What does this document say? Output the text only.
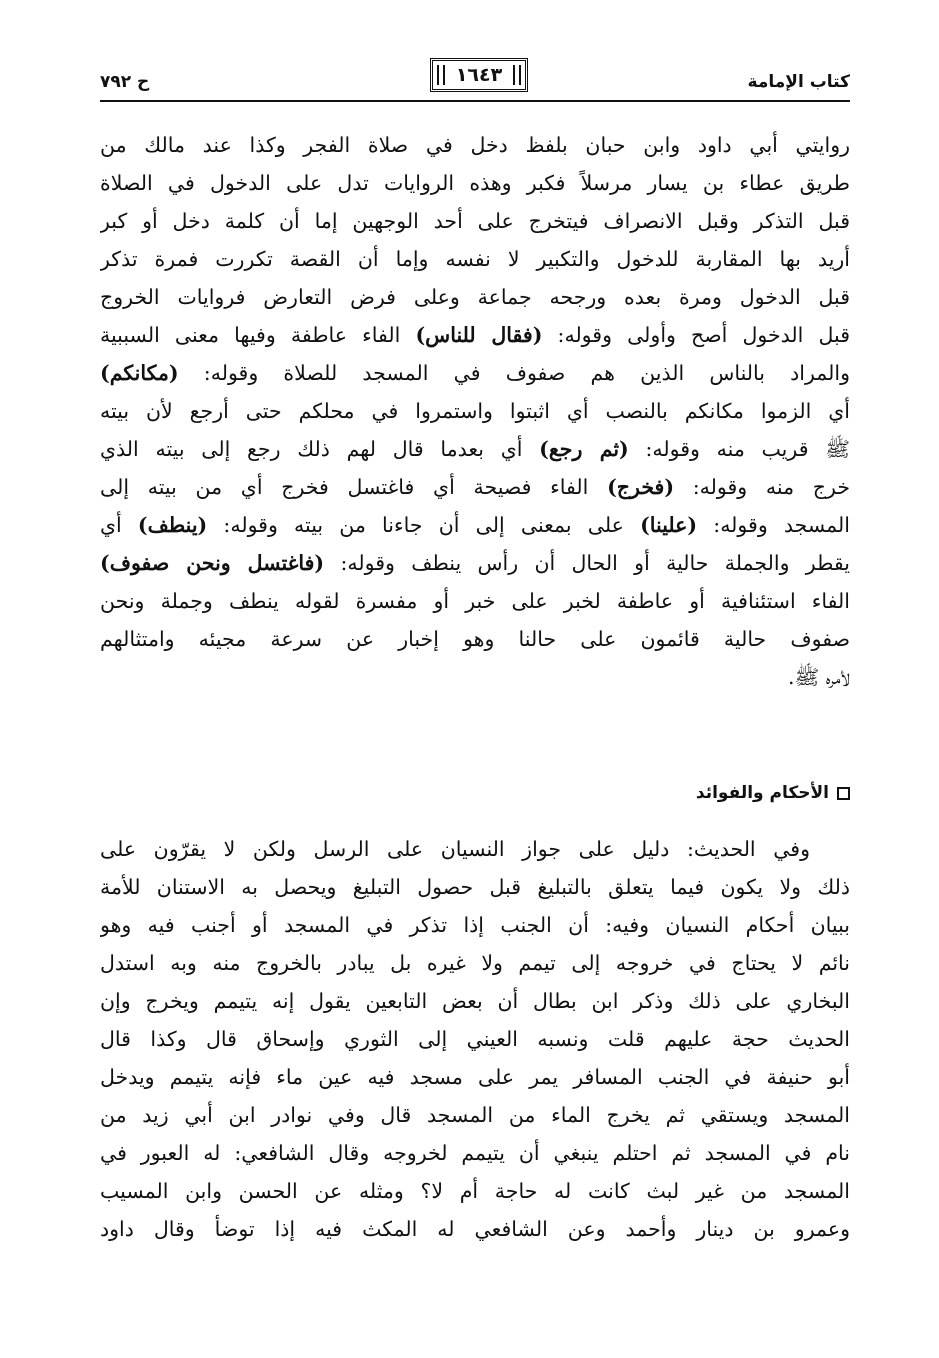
كتاب الإمامة
١٦٤٣
ح ٧٩٢
روايتي أبي داود وابن حبان بلفظ دخل في صلاة الفجر وكذا عند مالك من
طريق عطاء بن يسار مرسلاً فكبر وهذه الروايات تدل على الدخول في الصلاة
قبل التذكر وقبل الانصراف فيتخرج على أحد الوجهين إما أن كلمة دخل أو كبر
أريد بها المقاربة للدخول والتكبير لا نفسه وإما أن القصة تكررت فمرة تذكر
قبل الدخول ومرة بعده ورجحه جماعة وعلى فرض التعارض فروايات الخروج
قبل الدخول أصح وأولى وقوله: (فقال للناس) الفاء عاطفة وفيها معنى السببية
والمراد بالناس الذين هم صفوف في المسجد للصلاة وقوله: (مكانكم)
أي الزموا مكانكم بالنصب أي اثبتوا واستمروا في محلكم حتى أرجع لأن بيته
ﷺ قريب منه وقوله: (ثم رجع) أي بعدما قال لهم ذلك رجع إلى بيته الذي
خرج منه وقوله: (فخرج) الفاء فصيحة أي فاغتسل فخرج أي من بيته إلى
المسجد وقوله: (علينا) على بمعنى إلى أن جاءنا من بيته وقوله: (ينطف) أي
يقطر والجملة حالية أو الحال أن رأس ينطف وقوله: (فاغتسل ونحن صفوف)
الفاء استئنافية أو عاطفة لخبر على خبر أو مفسرة لقوله ينطف وجملة ونحن
صفوف حالية قائمون على حالنا وهو إخبار عن سرعة مجيئه وامتثالهم
لأمره ﷺ.
الأحكام والفوائد
وفي الحديث: دليل على جواز النسيان على الرسل ولكن لا يقرّون على
ذلك ولا يكون فيما يتعلق بالتبليغ قبل حصول التبليغ ويحصل به الاستنان للأمة
ببيان أحكام النسيان وفيه: أن الجنب إذا تذكر في المسجد أو أجنب فيه وهو
نائم لا يحتاج في خروجه إلى تيمم ولا غيره بل يبادر بالخروج منه وبه استدل
البخاري على ذلك وذكر ابن بطال أن بعض التابعين يقول إنه يتيمم ويخرج وإن
الحديث حجة عليهم قلت ونسبه العيني إلى الثوري وإسحاق قال وكذا قال
أبو حنيفة في الجنب المسافر يمر على مسجد فيه عين ماء فإنه يتيمم ويدخل
المسجد ويستقي ثم يخرج الماء من المسجد قال وفي نوادر ابن أبي زيد من
نام في المسجد ثم احتلم ينبغي أن يتيمم لخروجه وقال الشافعي: له العبور في
المسجد من غير لبث كانت له حاجة أم لا؟ ومثله عن الحسن وابن المسيب
وعمرو بن دينار وأحمد وعن الشافعي له المكث فيه إذا توضأ وقال داود
